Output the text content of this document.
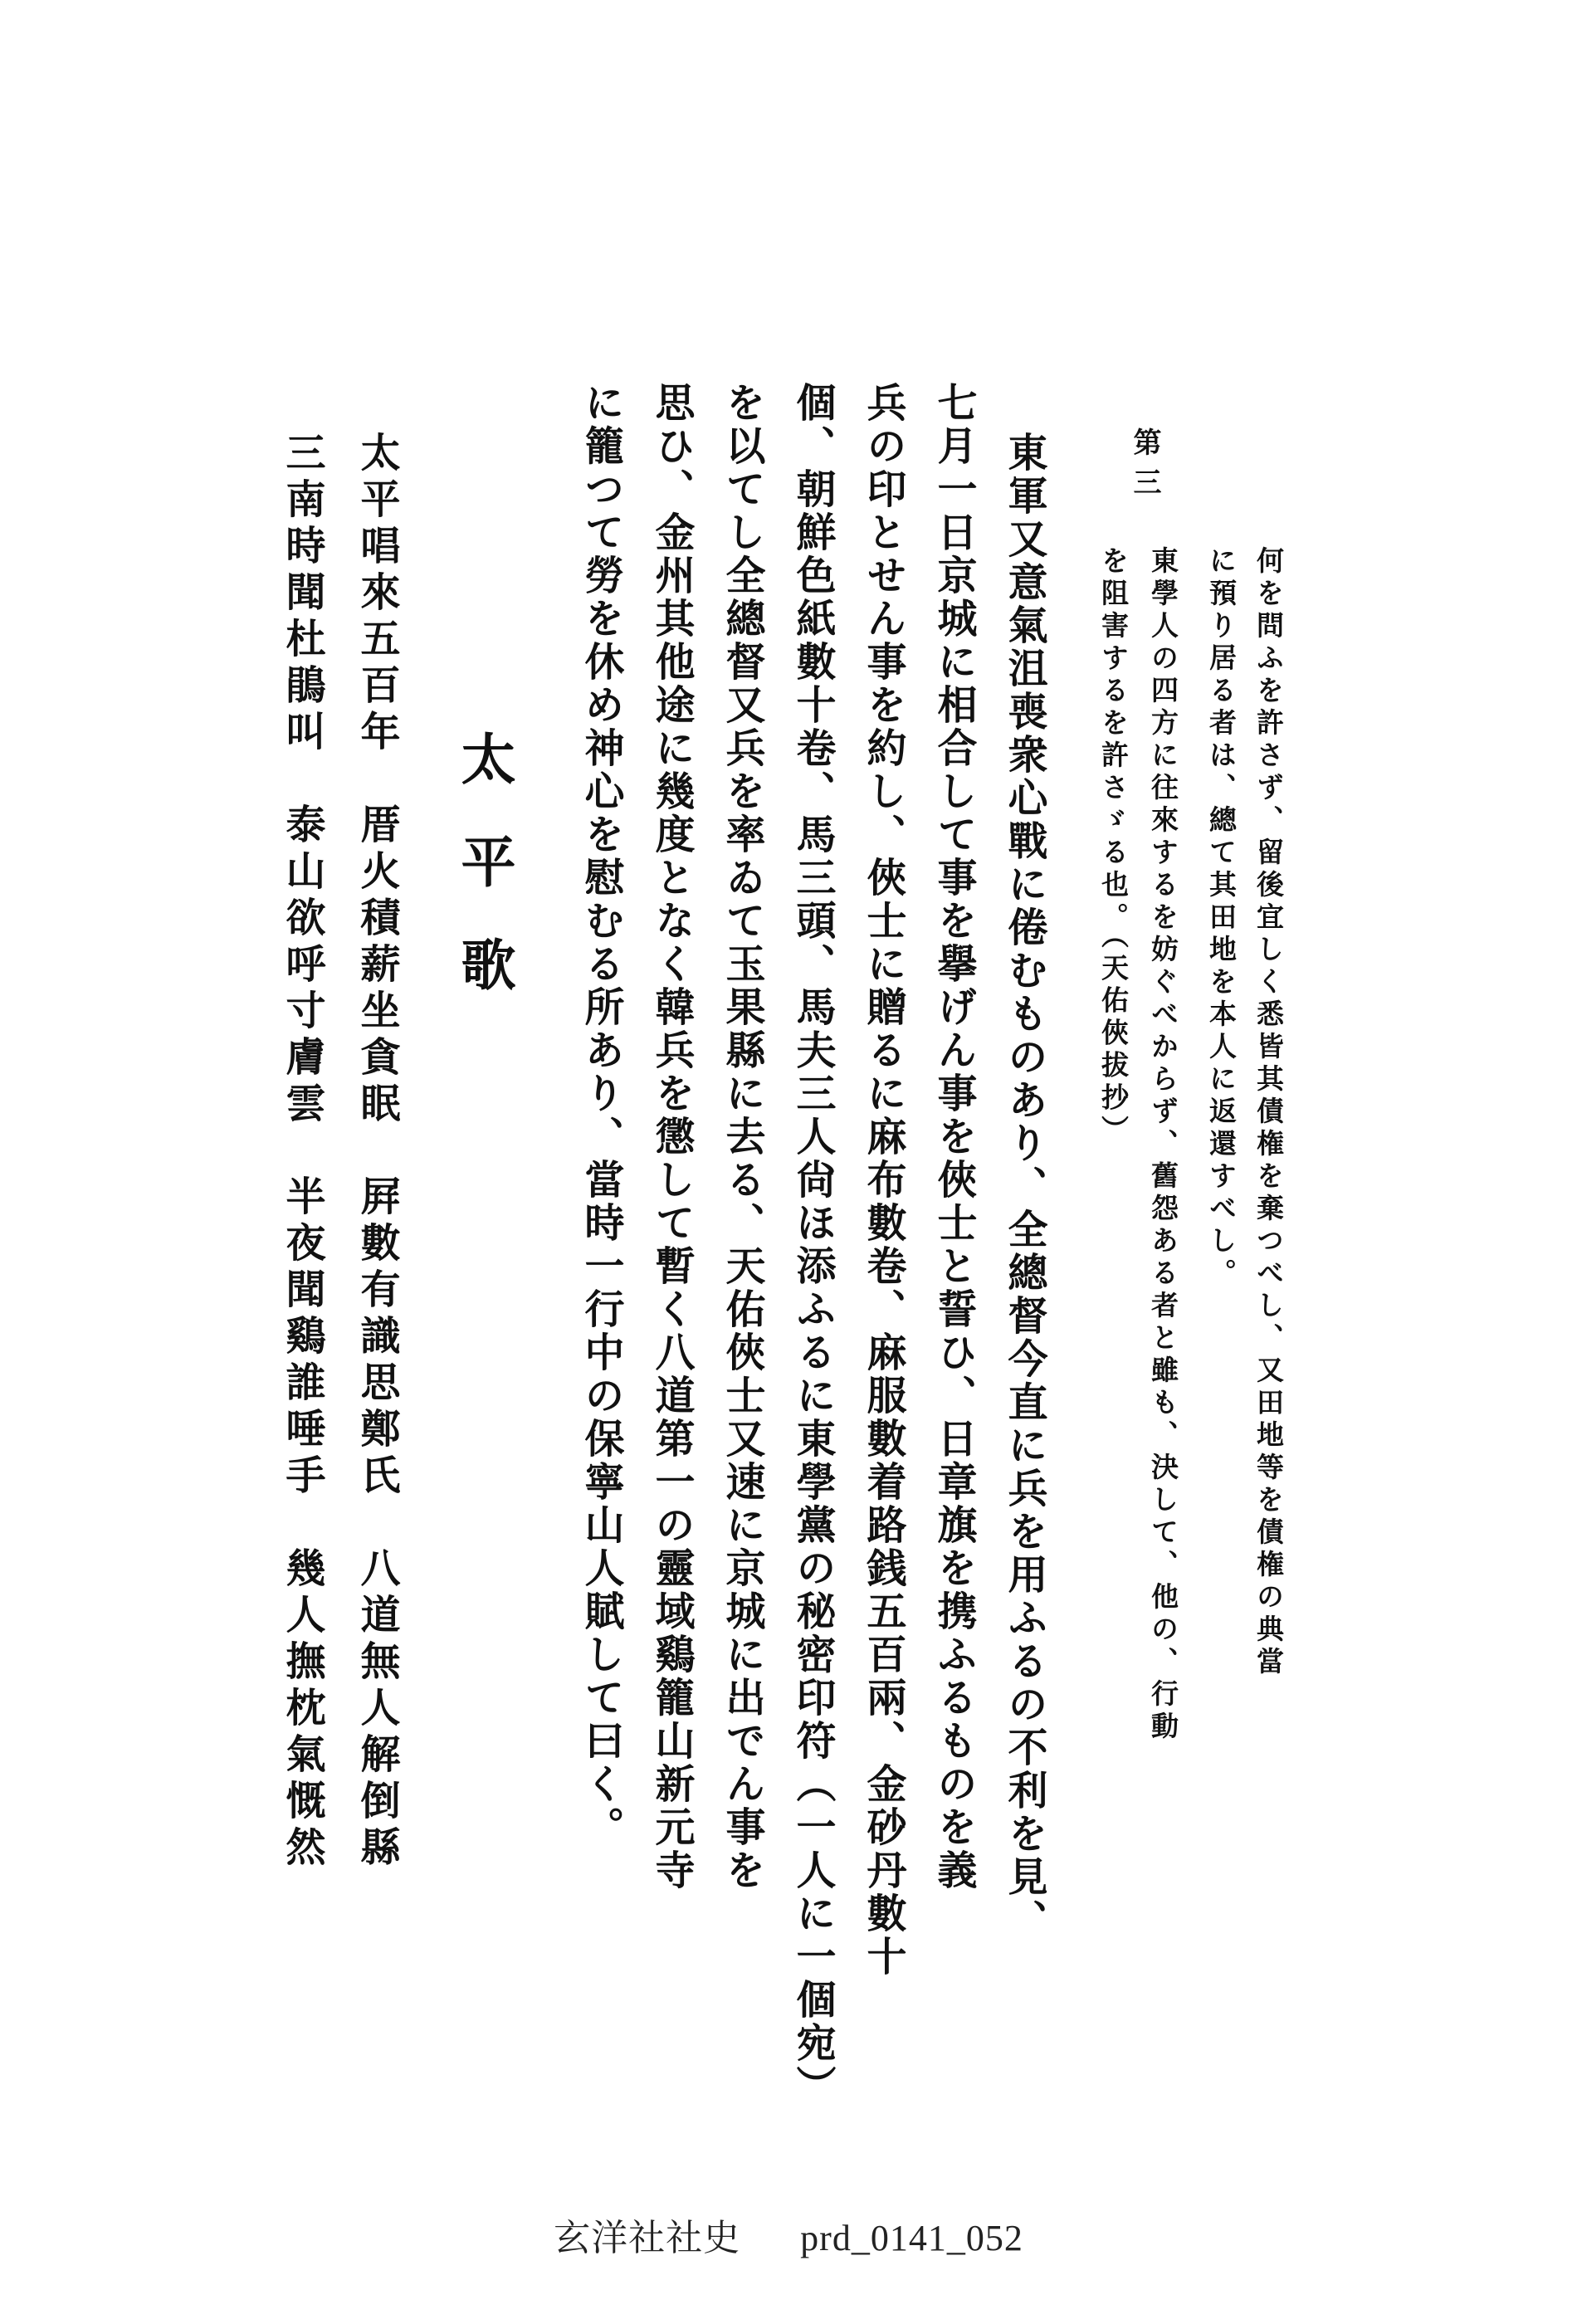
第三
何を問ふを許さず、留後宜しく悉皆其債権を棄つべし、又田地等を債権の典當
に預り居る者は、總て其田地を本人に返還すべし。
東學人の四方に往來するを妨ぐべからず、舊怨ある者と雖も、決して、他の、行動
を阻害するを許さゞる也。（天佑俠拔抄）
東軍又意氣沮喪衆心戰に倦むものあり、全總督今直に兵を用ふるの不利を見、
七月一日京城に相合して事を擧げん事を俠士と誓ひ、日章旗を携ふるものを義
兵の印とせん事を約し、俠士に贈るに麻布數卷、麻服數着路銭五百兩、金砂丹數十
個、朝鮮色紙數十卷、馬三頭、馬夫三人尙ほ添ふるに東學黨の秘密印符（一人に一個宛）
を以てし全總督又兵を率ゐて玉果縣に去る、天佑俠士又速に京城に出でん事を
思ひ、金州其他途に幾度となく韓兵を懲して暫く八道第一の靈域鷄籠山新元寺
に籠つて勞を休め神心を慰むる所あり、當時一行中の保寧山人賦して曰く。
太平歌
太平唱來五百年　厝火積薪坐貪眠　屛數有識思鄭氏　八道無人解倒縣
三南時聞杜鵑叫　泰山欲呼寸膚雲　半夜聞鷄誰唾手　幾人撫枕氣慨然
玄洋社社史 prd_0141_052
